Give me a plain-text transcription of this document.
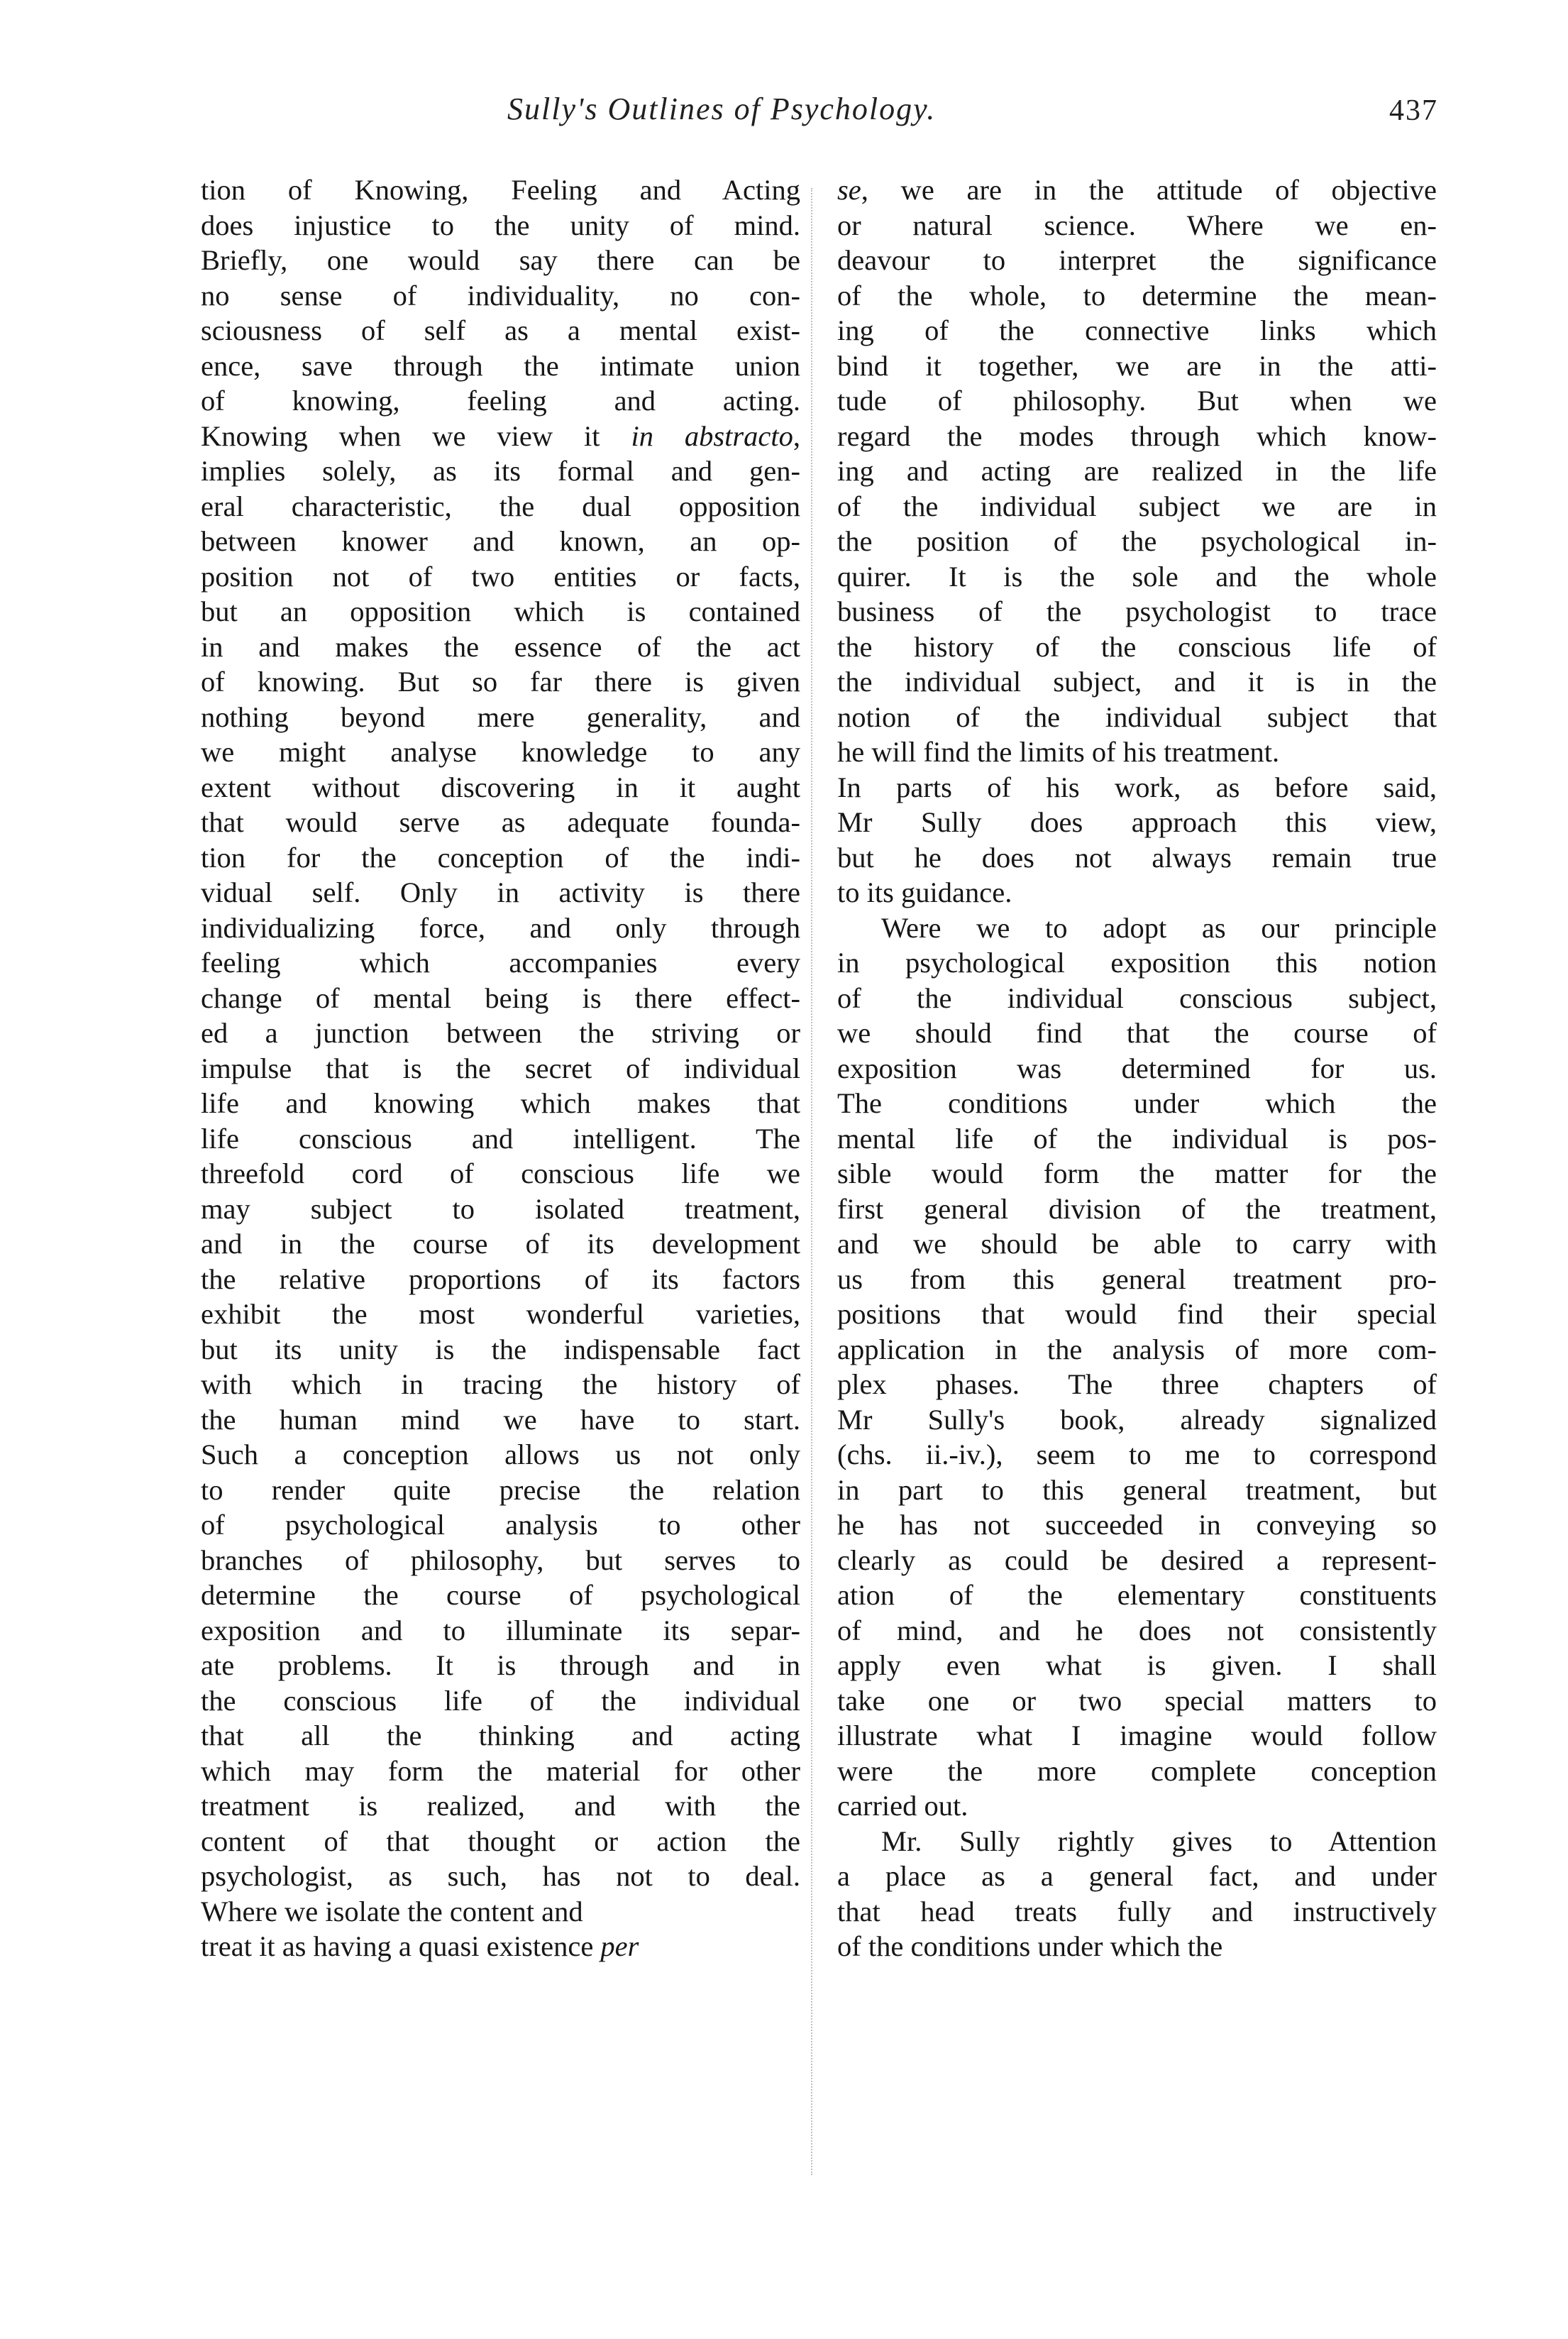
Sully's Outlines of Psychology.	437
tion of Knowing, Feeling and Acting
does injustice to the unity of mind.
Briefly, one would say there can be
no sense of individuality, no con-
sciousness of self as a mental exist-
ence, save through the intimate union
of knowing, feeling and acting.
Knowing when we view it in abstracto,
implies solely, as its formal and gen-
eral characteristic, the dual opposition
between knower and known, an op-
position not of two entities or facts,
but an opposition which is contained
in and makes the essence of the act
of knowing. But so far there is given
nothing beyond mere generality, and
we might analyse knowledge to any
extent without discovering in it aught
that would serve as adequate founda-
tion for the conception of the indi-
vidual self. Only in activity is there
individualizing force, and only through
feeling which accompanies every
change of mental being is there effect-
ed a junction between the striving or
impulse that is the secret of individual
life and knowing which makes that
life conscious and intelligent. The
threefold cord of conscious life we
may subject to isolated treatment,
and in the course of its development
the relative proportions of its factors
exhibit the most wonderful varieties,
but its unity is the indispensable fact
with which in tracing the history of
the human mind we have to start.
Such a conception allows us not only
to render quite precise the relation
of psychological analysis to other
branches of philosophy, but serves to
determine the course of psychological
exposition and to illuminate its separ-
ate problems. It is through and in
the conscious life of the individual
that all the thinking and acting
which may form the material for other
treatment is realized, and with the
content of that thought or action the
psychologist, as such, has not to deal.
Where we isolate the content and
treat it as having a quasi existence per
se, we are in the attitude of objective
or natural science. Where we en-
deavour to interpret the significance
of the whole, to determine the mean-
ing of the connective links which
bind it together, we are in the atti-
tude of philosophy. But when we
regard the modes through which know-
ing and acting are realized in the life
of the individual subject we are in
the position of the psychological in-
quirer. It is the sole and the whole
business of the psychologist to trace
the history of the conscious life of
the individual subject, and it is in the
notion of the individual subject that
he will find the limits of his treatment.
In parts of his work, as before said,
Mr Sully does approach this view,
but he does not always remain true
to its guidance.
Were we to adopt as our principle
in psychological exposition this notion
of the individual conscious subject,
we should find that the course of
exposition was determined for us.
The conditions under which the
mental life of the individual is pos-
sible would form the matter for the
first general division of the treatment,
and we should be able to carry with
us from this general treatment pro-
positions that would find their special
application in the analysis of more com-
plex phases. The three chapters of
Mr Sully's book, already signalized
(chs. ii.-iv.), seem to me to correspond
in part to this general treatment, but
he has not succeeded in conveying so
clearly as could be desired a represent-
ation of the elementary constituents
of mind, and he does not consistently
apply even what is given. I shall
take one or two special matters to
illustrate what I imagine would follow
were the more complete conception
carried out.
Mr. Sully rightly gives to Attention
a place as a general fact, and under
that head treats fully and instructively
of the conditions under which the
